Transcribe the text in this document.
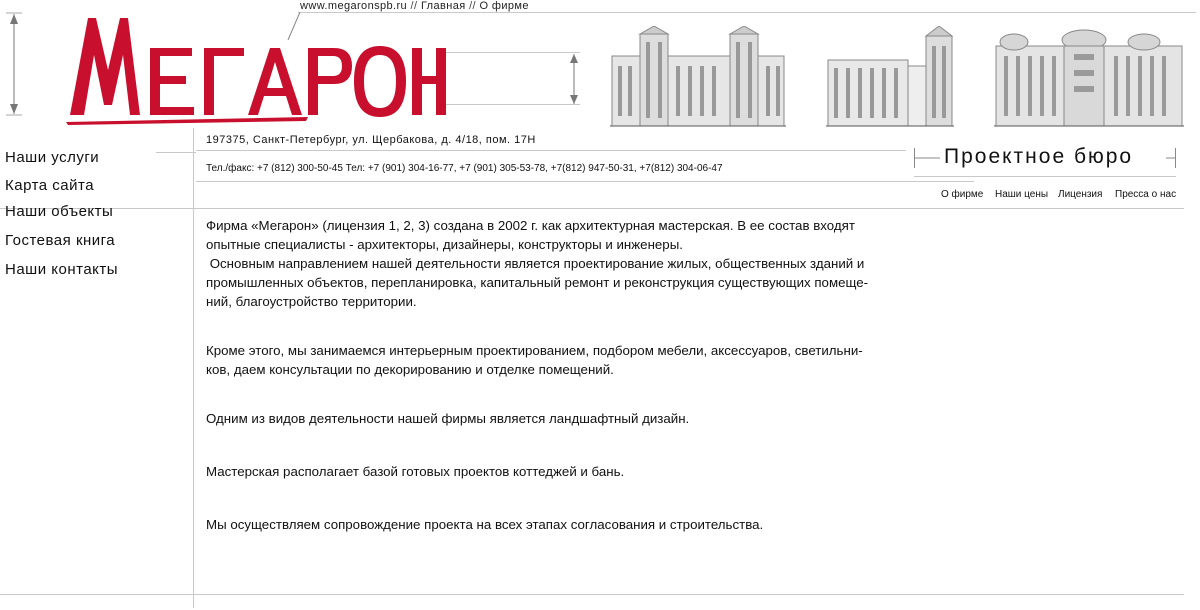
www.megaronspb.ru // Главная // О фирме
197375, Санкт-Петербург, ул. Щербакова, д. 4/18, пом. 17Н
Тел./факс: +7 (812) 300-50-45 Тел: +7 (901) 304-16-77, +7 (901) 305-53-78, +7(812) 947-50-31, +7(812) 304-06-47
Наши услуги
Карта сайта
Наши объекты
Гостевая книга
Наши контакты
Проектное бюро
О фирме Наши цены Лицензия Пресса о нас

Фирма «Мегарон» (лицензия 1, 2, 3) создана в 2002 г. как архитектурная мастерская. В ее состав входят

опытные специалисты - архитекторы, дизайнеры, конструкторы и инженеры.

Основным направлением нашей деятельности является проектирование жилых, общественных зданий и

промышленных объектов, перепланировка, капитальный ремонт и реконструкция существующих помеще-

ний, благоустройство территории.

Кроме этого, мы занимаемся интерьерным проектированием, подбором мебели, аксессуаров, светильни-

ков, даем консультации по декорированию и отделке помещений.

Одним из видов деятельности нашей фирмы является ландшафтный дизайн.

Мастерская располагает базой готовых проектов коттеджей и бань.

Мы осуществляем сопровождение проекта на всех этапах согласования и строительства.
